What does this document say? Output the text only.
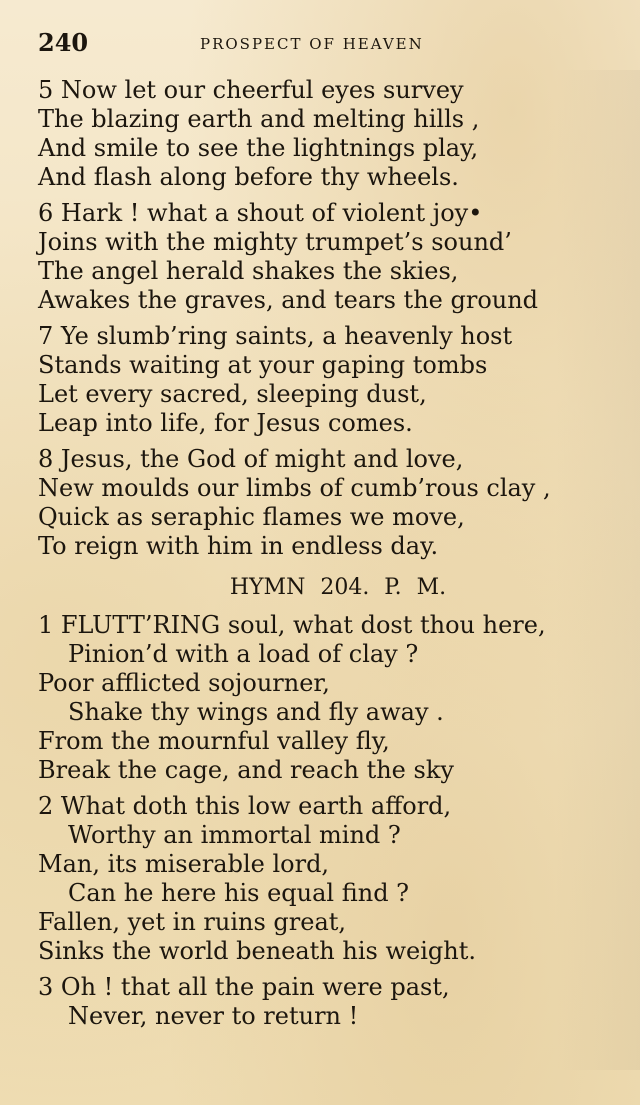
240	PROSPECT OF HEAVEN
5 Now let our cheerful eyes survey
The blazing earth and melting hills ,
And smile to see the lightnings play,
And flash along before thy wheels.
6 Hark ! what a shout of violent joy•
Joins with the mighty trumpet’s sound’
The angel herald shakes the skies,
Awakes the graves, and tears the ground
7 Ye slumb’ring saints, a heavenly host
Stands waiting at your gaping tombs
Let every sacred, sleeping dust,
Leap into life, for Jesus comes.
8 Jesus, the God of might and love,
New moulds our limbs of cumb’rous clay ,
Quick as seraphic flames we move,
To reign with him in endless day.
HYMN 204. P. M.
1 FLUTT’RING soul, what dost thou here,
Pinion’d with a load of clay ?
Poor afflicted sojourner,
Shake thy wings and fly away .
From the mournful valley fly,
Break the cage, and reach the sky
2 What doth this low earth afford,
Worthy an immortal mind ?
Man, its miserable lord,
Can he here his equal find ?
Fallen, yet in ruins great,
Sinks the world beneath his weight.
3 Oh ! that all the pain were past,
Never, never to return !
